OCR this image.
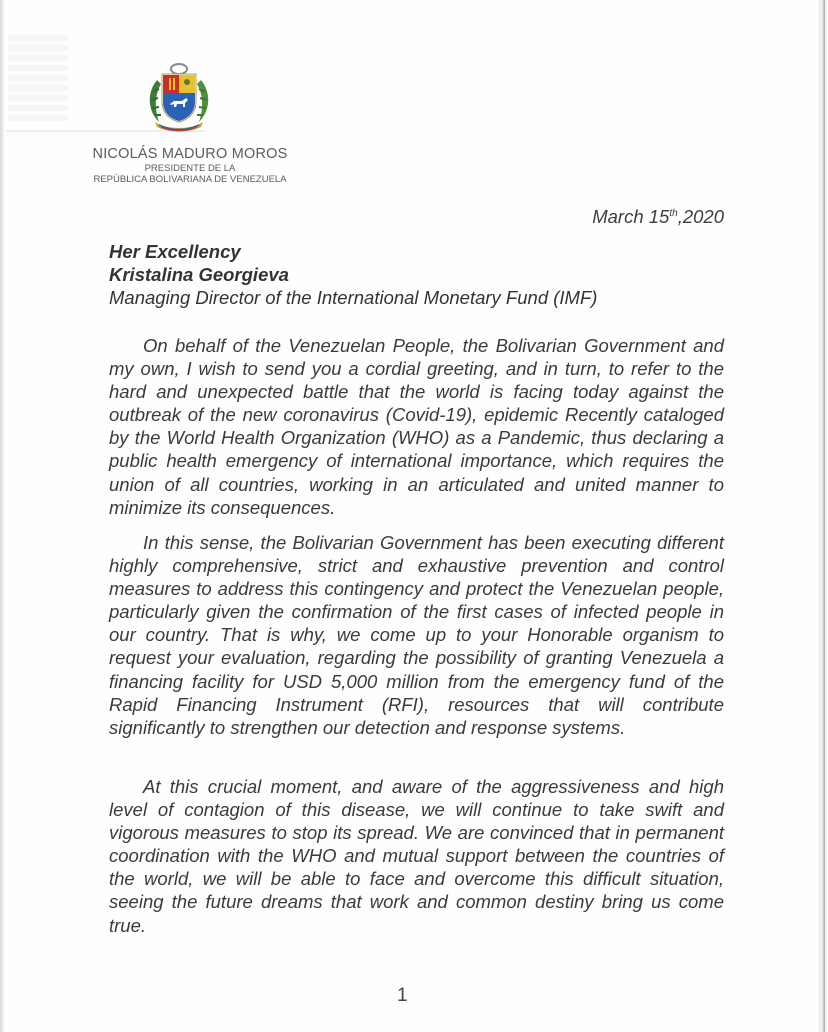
NICOLÁS MADURO MOROS
PRESIDENTE DE LA
REPÚBLICA BOLIVARIANA DE VENEZUELA
March 15th,2020
Her Excellency
Kristalina Georgieva
Managing Director of the International Monetary Fund (IMF)

On behalf of the Venezuelan People, the Bolivarian Government and my own, I wish to send you a cordial greeting, and in turn, to refer to the hard and unexpected battle that the world is facing today against the outbreak of the new coronavirus (Covid-19), epidemic Recently cataloged by the World Health Organization (WHO) as a Pandemic, thus declaring a public health emergency of international importance, which requires the union of all countries, working in an articulated and united manner to minimize its consequences.

In this sense, the Bolivarian Government has been executing different highly comprehensive, strict and exhaustive prevention and control measures to address this contingency and protect the Venezuelan people, particularly given the confirmation of the first cases of infected people in our country. That is why, we come up to your Honorable organism to request your evaluation, regarding the possibility of granting Venezuela a financing facility for USD 5,000 million from the emergency fund of the Rapid Financing Instrument (RFI), resources that will contribute significantly to strengthen our detection and response systems.

At this crucial moment, and aware of the aggressiveness and high level of contagion of this disease, we will continue to take swift and vigorous measures to stop its spread. We are convinced that in permanent coordination with the WHO and mutual support between the countries of the world, we will be able to face and overcome this difficult situation, seeing the future dreams that work and common destiny bring us come true.

1
